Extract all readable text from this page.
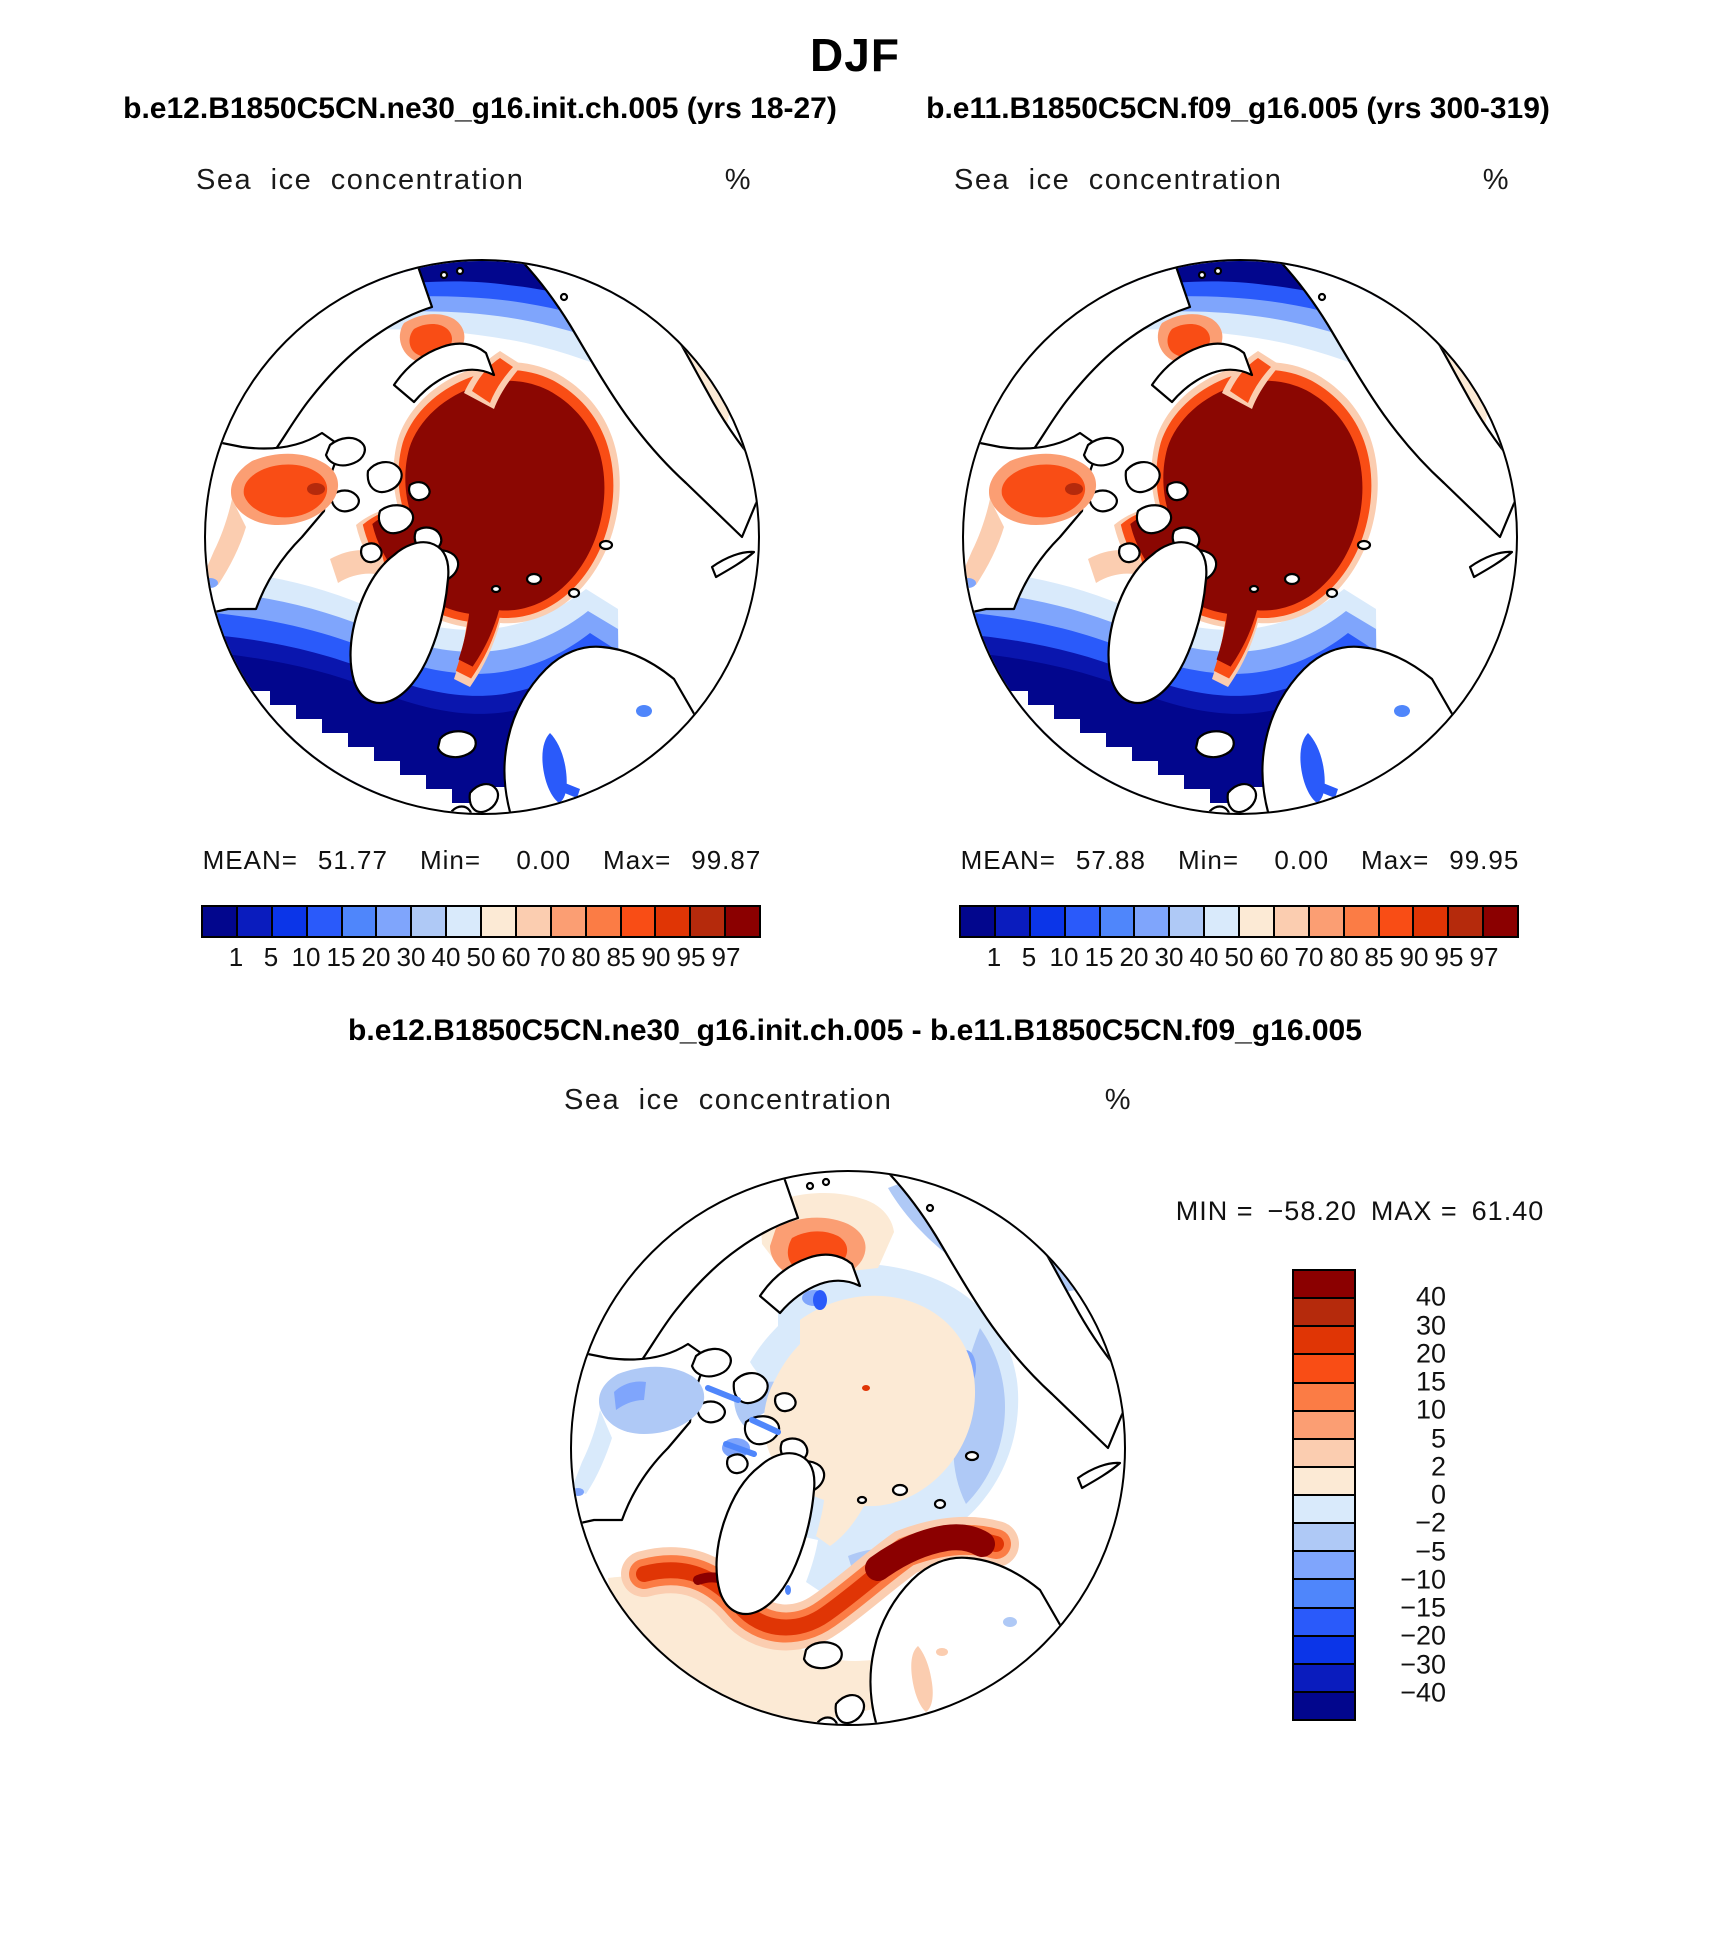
DJF
b.e12.B1850C5CN.ne30_g16.init.ch.005 (yrs 18-27)	b.e11.B1850C5CN.f09_g16.005 (yrs 300-319)
Sea ice concentration	%	Sea ice concentration	%
MEAN= 51.77 Min=	0.00 Max= 99.87	MEAN= 57.88 Min=	0.00 Max= 99.95
1 5 10 15 20 30 40 50 60 70 80 85 90 95 97	1 5 10 15 20 30 40 50 60 70 80 85 90 95 97
b.e12.B1850C5CN.ne30_g16.init.ch.005 - b.e11.B1850C5CN.f09_g16.005
Sea ice concentration	%
MIN = −58.20 MAX = 61.40
40
30
20
15
10
5
2
0
−2
−5
−10
−15
−20
−30
−40
